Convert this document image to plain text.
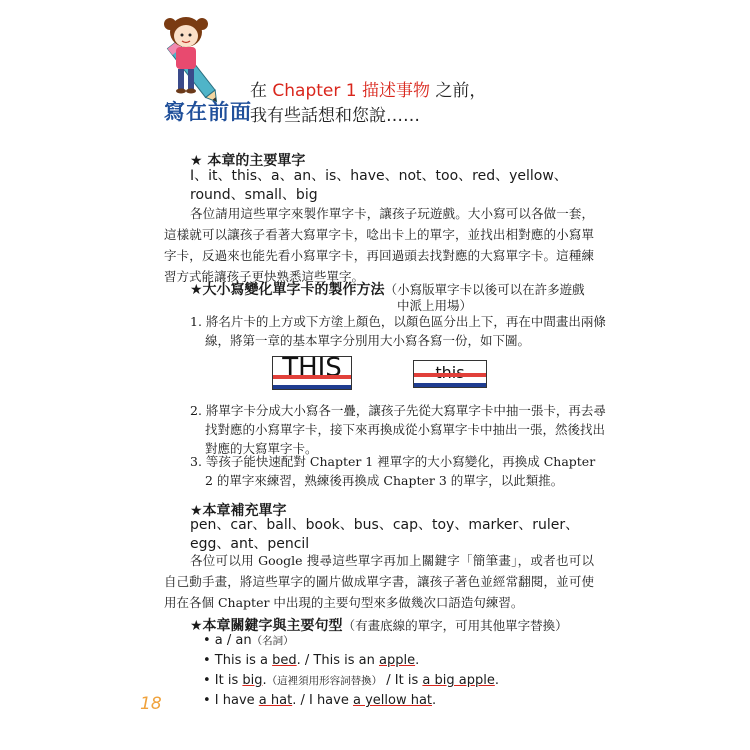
寫在前面
在 Chapter 1 描述事物 之前，
我有些話想和您說……
★ 本章的主要單字
I、it、this、a、an、is、have、not、too、red、yellow、round、small、big
各位請用這些單字來製作單字卡，讓孩子玩遊戲。大小寫可以各做一套，這樣就可以讓孩子看著大寫單字卡，唸出卡上的單字，並找出相對應的小寫單字卡，反過來也能先看小寫單字卡，再回過頭去找對應的大寫單字卡。這種練習方式能讓孩子更快熟悉這些單字。
★大小寫變化單字卡的製作方法（小寫版單字卡以後可以在許多遊戲
中派上用場）
1. 將名片卡的上方或下方塗上顏色，以顏色區分出上下，再在中間畫出兩條線，將第一章的基本單字分別用大小寫各寫一份，如下圖。
THIS	this
2. 將單字卡分成大小寫各一疊，讓孩子先從大寫單字卡中抽一張卡，再去尋找對應的小寫單字卡，接下來再換成從小寫單字卡中抽出一張，然後找出對應的大寫單字卡。
3. 等孩子能快速配對 Chapter 1 裡單字的大小寫變化，再換成 Chapter 2 的單字來練習，熟練後再換成 Chapter 3 的單字，以此類推。
★本章補充單字
pen、car、ball、book、bus、cap、toy、marker、ruler、egg、ant、pencil
各位可以用 Google 搜尋這些單字再加上關鍵字「簡筆畫」，或者也可以自己動手畫，將這些單字的圖片做成單字書，讓孩子著色並經常翻閱，並可使用在各個 Chapter 中出現的主要句型來多做幾次口語造句練習。
★本章關鍵字與主要句型（有畫底線的單字，可用其他單字替換）
• a / an（名詞）
• This is a bed. / This is an apple.
• It is big.（這裡須用形容詞替換） / It is a big apple.
• I have a hat. / I have a yellow hat.
18
